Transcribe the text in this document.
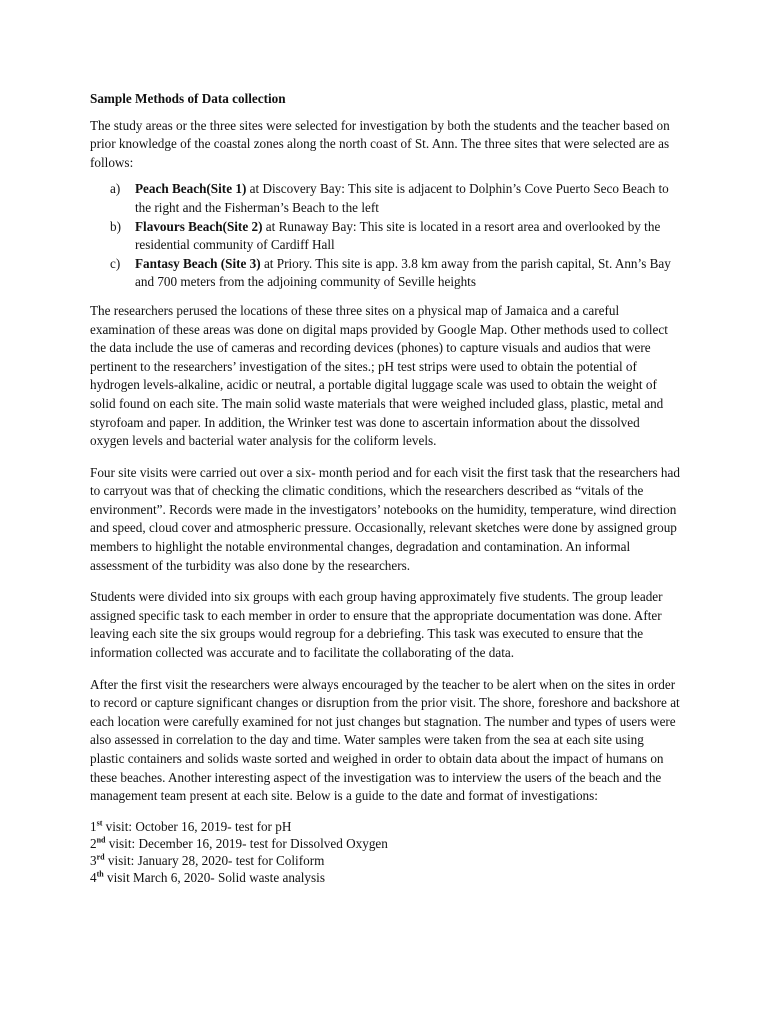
Sample Methods of Data collection

The study areas or the three sites were selected for investigation by both the students and the teacher based on prior knowledge of the coastal zones along the north coast of St. Ann. The three sites that were selected are as follows:

a) Peach Beach(Site 1) at Discovery Bay: This site is adjacent to Dolphin’s Cove Puerto Seco Beach to the right and the Fisherman’s Beach to the left
b) Flavours Beach(Site 2) at Runaway Bay: This site is located in a resort area and overlooked by the residential community of Cardiff Hall
c) Fantasy Beach (Site 3) at Priory. This site is app. 3.8 km away from the parish capital, St. Ann’s Bay and 700 meters from the adjoining community of Seville heights

The researchers perused the locations of these three sites on a physical map of Jamaica and a careful examination of these areas was done on digital maps provided by Google Map. Other methods used to collect the data include the use of cameras and recording devices (phones) to capture visuals and audios that were pertinent to the researchers’ investigation of the sites.; pH test strips were used to obtain the potential of hydrogen levels-alkaline, acidic or neutral, a portable digital luggage scale was used to obtain the weight of solid found on each site. The main solid waste materials that were weighed included glass, plastic, metal and styrofoam and paper. In addition, the Wrinker test was done to ascertain information about the dissolved oxygen levels and bacterial water analysis for the coliform levels.

Four site visits were carried out over a six- month period and for each visit the first task that the researchers had to carryout was that of checking the climatic conditions, which the researchers described as “vitals of the environment”. Records were made in the investigators’ notebooks on the humidity, temperature, wind direction and speed, cloud cover and atmospheric pressure. Occasionally, relevant sketches were done by assigned group members to highlight the notable environmental changes, degradation and contamination. An informal assessment of the turbidity was also done by the researchers.

Students were divided into six groups with each group having approximately five students. The group leader assigned specific task to each member in order to ensure that the appropriate documentation was done. After leaving each site the six groups would regroup for a debriefing. This task was executed to ensure that the information collected was accurate and to facilitate the collaborating of the data.

After the first visit the researchers were always encouraged by the teacher to be alert when on the sites in order to record or capture significant changes or disruption from the prior visit. The shore, foreshore and backshore at each location were carefully examined for not just changes but stagnation. The number and types of users were also assessed in correlation to the day and time. Water samples were taken from the sea at each site using plastic containers and solids waste sorted and weighed in order to obtain data about the impact of humans on these beaches. Another interesting aspect of the investigation was to interview the users of the beach and the management team present at each site. Below is a guide to the date and format of investigations:

1st visit: October 16, 2019- test for pH
2nd visit: December 16, 2019- test for Dissolved Oxygen
3rd visit: January 28, 2020- test for Coliform
4th visit March 6, 2020- Solid waste analysis
